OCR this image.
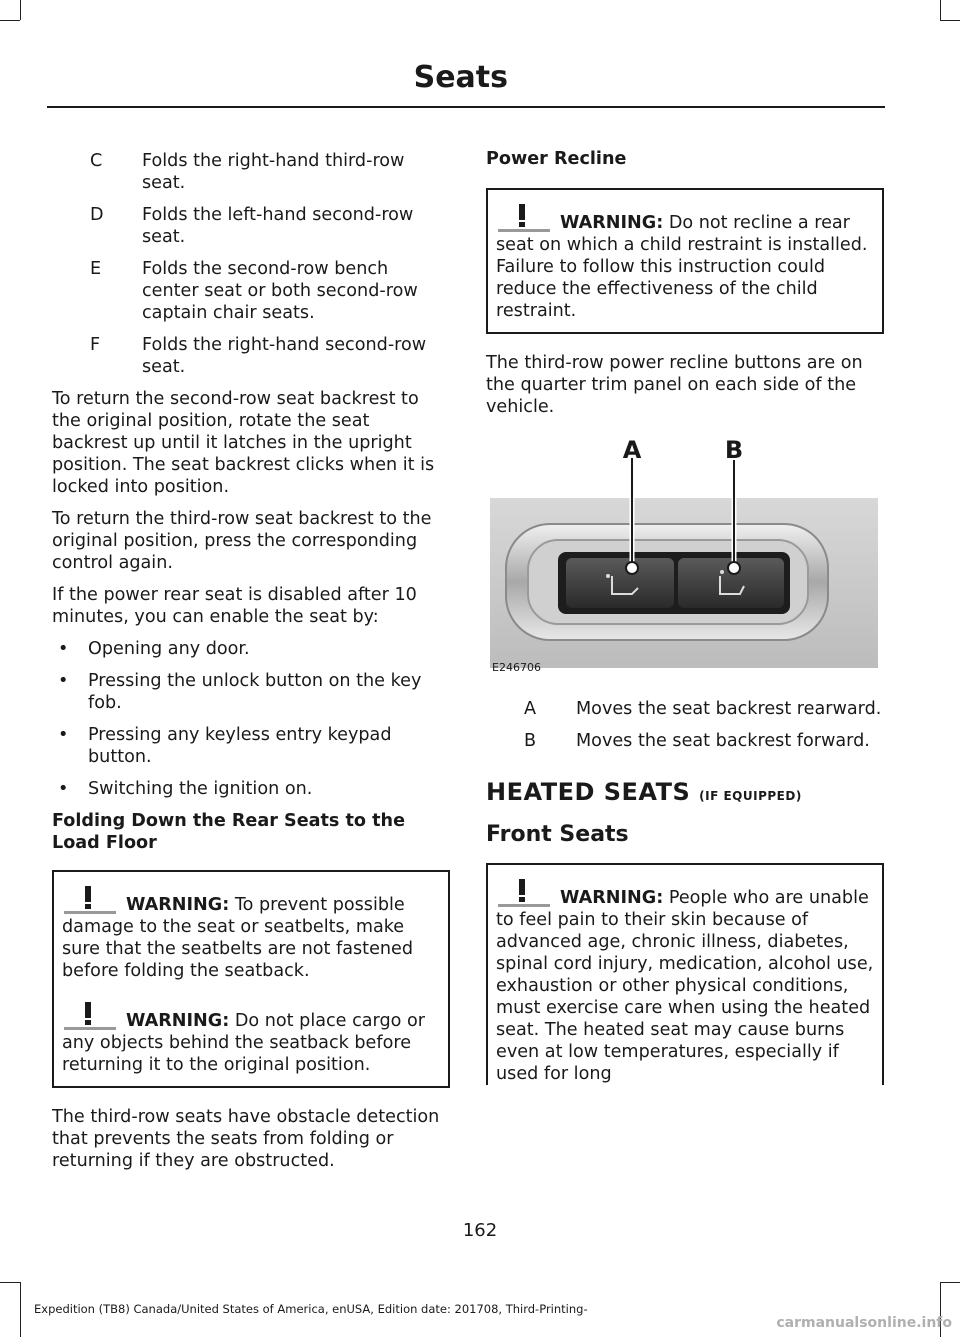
Seats
C	Folds the right-hand third-row seat.
D	Folds the left-hand second-row seat.
E	Folds the second-row bench center seat or both second-row captain chair seats.
F	Folds the right-hand second-row seat.

To return the second-row seat backrest to the original position, rotate the seat backrest up until it latches in the upright position. The seat backrest clicks when it is locked into position.

To return the third-row seat backrest to the original position, press the corresponding control again.

If the power rear seat is disabled after 10 minutes, you can enable the seat by:

•	Opening any door.
•	Pressing the unlock button on the key fob.
•	Pressing any keyless entry keypad button.
•	Switching the ignition on.
Folding Down the Rear Seats to the Load Floor
WARNING: To prevent possible damage to the seat or seatbelts, make sure that the seatbelts are not fastened before folding the seatback.
WARNING: Do not place cargo or any objects behind the seatback before returning it to the original position.

The third-row seats have obstacle detection that prevents the seats from folding or returning if they are obstructed.

Power Recline
WARNING: Do not recline a rear seat on which a child restraint is installed. Failure to follow this instruction could reduce the effectiveness of the child restraint.

The third-row power recline buttons are on the quarter trim panel on each side of the vehicle.

A	B
E246706
A	Moves the seat backrest rearward.
B	Moves the seat backrest forward.
HEATED SEATS (IF EQUIPPED)
Front Seats
WARNING: People who are unable to feel pain to their skin because of advanced age, chronic illness, diabetes, spinal cord injury, medication, alcohol use, exhaustion or other physical conditions, must exercise care when using the heated seat. The heated seat may cause burns even at low temperatures, especially if used for long
162
Expedition (TB8) Canada/United States of America, enUSA, Edition date: 201708, Third-Printing-
carmanualsonline.info
